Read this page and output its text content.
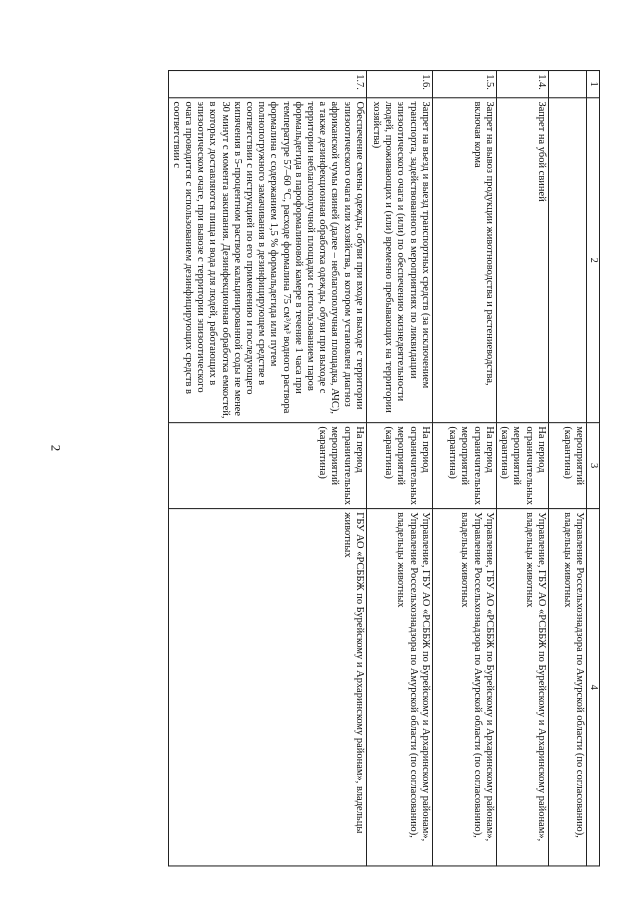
2
1	2	3	4
		мероприятий (карантина)	Управление Россельхознадзора по Амурской области (по согласованию), владельцы животных
1.4.	Запрет на убой свиней	На период ограничительных мероприятий (карантина)	Управление, ГБУ АО «РСББЖ по Бурейскому и Архаринскому районам», владельцы животных
1.5.	Запрет на вывоз продукции животноводства и растениеводства, включая корма	На период ограничительных мероприятий (карантина)	Управление, ГБУ АО «РСББЖ по Бурейскому и Архаринскому районам», Управление Россельхознадзора по Амурской области (по согласованию), владельцы животных
1.6.	Запрет на въезд и выезд транспортных средств (за исключением транспорта, задействованного в мероприятиях по ликвидации эпизоотического очага и (или) по обеспечению жизнедеятельности людей, проживающих и (или) временно пребывающих на территории хозяйства)	На период ограничительных мероприятий (карантина)	Управление, ГБУ АО «РСББЖ по Бурейскому и Архаринскому районам», Управление Россельхознадзора по Амурской области (по согласованию), владельцы животных
1.7.	Обеспечение смены одежды, обуви при входе и выходе с территории эпизоотического очага или хозяйства, в котором установлен диагноз африканской чумы свиней (далее – неблагополучная площадка, АЧС), а также дезинфекционная обработка одежды, обуви при выходе с территории неблагополучной площадки с использованием паров формальдегида в пароформалиновой камере в течение 1 часа при температуре 57–60 °С, расходе формалина 75 см³/м³ водного раствора формалина с содержанием 1,5 % формальдегида или путем полнопогружного замачивания в дезинфицирующем средстве в соответствии с инструкцией по его применению и последующего кипячения в 5-процентном растворе кальцинированной соды не менее 30 минут с момента закипания. Дезинфекционная обработка емкостей, в которых доставляются пища и вода для людей, работающих в эпизоотическом очаге, при вывозе с территории эпизоотического очага проводится с использованием дезинфицирующих средств в соответствии с	На период ограничительных мероприятий (карантина)	ГБУ АО «РСББЖ по Бурейскому и Архаринскому районам», владельцы животных
